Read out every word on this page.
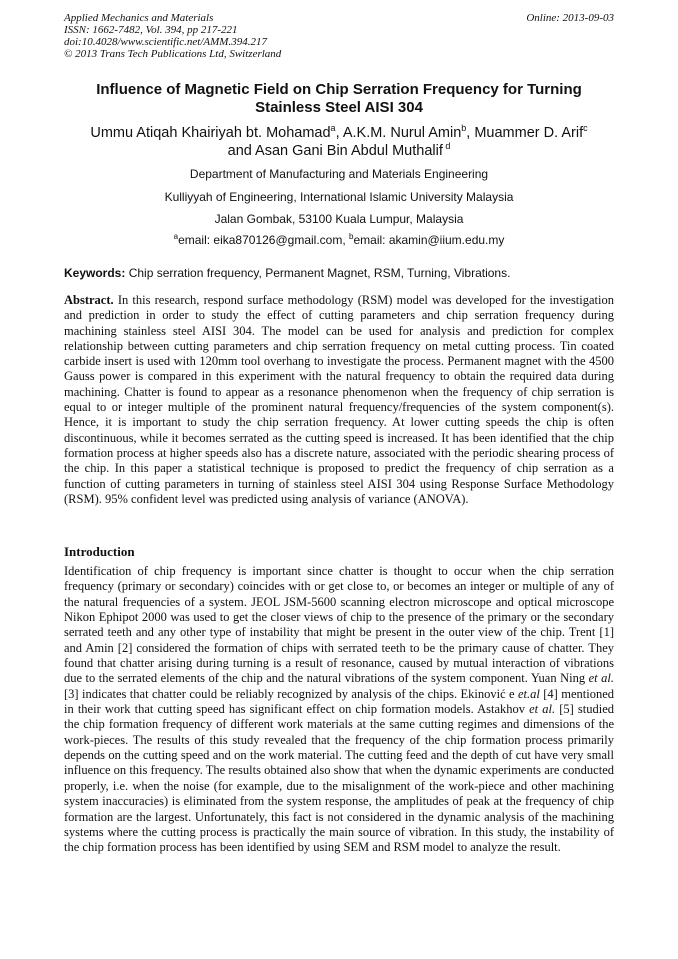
Applied Mechanics and Materials
ISSN: 1662-7482, Vol. 394, pp 217-221
doi:10.4028/www.scientific.net/AMM.394.217
© 2013 Trans Tech Publications Ltd, Switzerland
Online: 2013-09-03
Influence of Magnetic Field on Chip Serration Frequency for Turning
Stainless Steel AISI 304
Ummu Atiqah Khairiyah bt. Mohamad$^a$, A.K.M. Nurul Amin$^b$, Muammer D. Arif$^c$
and Asan Gani Bin Abdul Muthalif $^d$
Department of Manufacturing and Materials Engineering
Kulliyyah of Engineering, International Islamic University Malaysia
Jalan Gombak, 53100 Kuala Lumpur, Malaysia
$^a$email: eika870126@gmail.com, $^b$email: akamin@iium.edu.my
Keywords: Chip serration frequency, Permanent Magnet, RSM, Turning, Vibrations.
Abstract. In this research, respond surface methodology (RSM) model was developed for the investigation and prediction in order to study the effect of cutting parameters and chip serration frequency during machining stainless steel AISI 304. The model can be used for analysis and prediction for complex relationship between cutting parameters and chip serration frequency on metal cutting process. Tin coated carbide insert is used with 120mm tool overhang to investigate the process. Permanent magnet with the 4500 Gauss power is compared in this experiment with the natural frequency to obtain the required data during machining. Chatter is found to appear as a resonance phenomenon when the frequency of chip serration is equal to or integer multiple of the prominent natural frequency/frequencies of the system component(s). Hence, it is important to study the chip serration frequency. At lower cutting speeds the chip is often discontinuous, while it becomes serrated as the cutting speed is increased. It has been identified that the chip formation process at higher speeds also has a discrete nature, associated with the periodic shearing process of the chip. In this paper a statistical technique is proposed to predict the frequency of chip serration as a function of cutting parameters in turning of stainless steel AISI 304 using Response Surface Methodology (RSM). 95% confident level was predicted using analysis of variance (ANOVA).
Introduction
Identification of chip frequency is important since chatter is thought to occur when the chip serration frequency (primary or secondary) coincides with or get close to, or becomes an integer or multiple of any of the natural frequencies of a system. JEOL JSM-5600 scanning electron microscope and optical microscope Nikon Ephipot 2000 was used to get the closer views of chip to the presence of the primary or the secondary serrated teeth and any other type of instability that might be present in the outer view of the chip. Trent [1] and Amin [2] considered the formation of chips with serrated teeth to be the primary cause of chatter. They found that chatter arising during turning is a result of resonance, caused by mutual interaction of vibrations due to the serrated elements of the chip and the natural vibrations of the system component. Yuan Ning et al. [3] indicates that chatter could be reliably recognized by analysis of the chips. Ekinović e et.al [4] mentioned in their work that cutting speed has significant effect on chip formation models. Astakhov et al. [5] studied the chip formation frequency of different work materials at the same cutting regimes and dimensions of the work-pieces. The results of this study revealed that the frequency of the chip formation process primarily depends on the cutting speed and on the work material. The cutting feed and the depth of cut have very small influence on this frequency. The results obtained also show that when the dynamic experiments are conducted properly, i.e. when the noise (for example, due to the misalignment of the work-piece and other machining system inaccuracies) is eliminated from the system response, the amplitudes of peak at the frequency of chip formation are the largest. Unfortunately, this fact is not considered in the dynamic analysis of the machining systems where the cutting process is practically the main source of vibration. In this study, the instability of the chip formation process has been identified by using SEM and RSM model to analyze the result.
